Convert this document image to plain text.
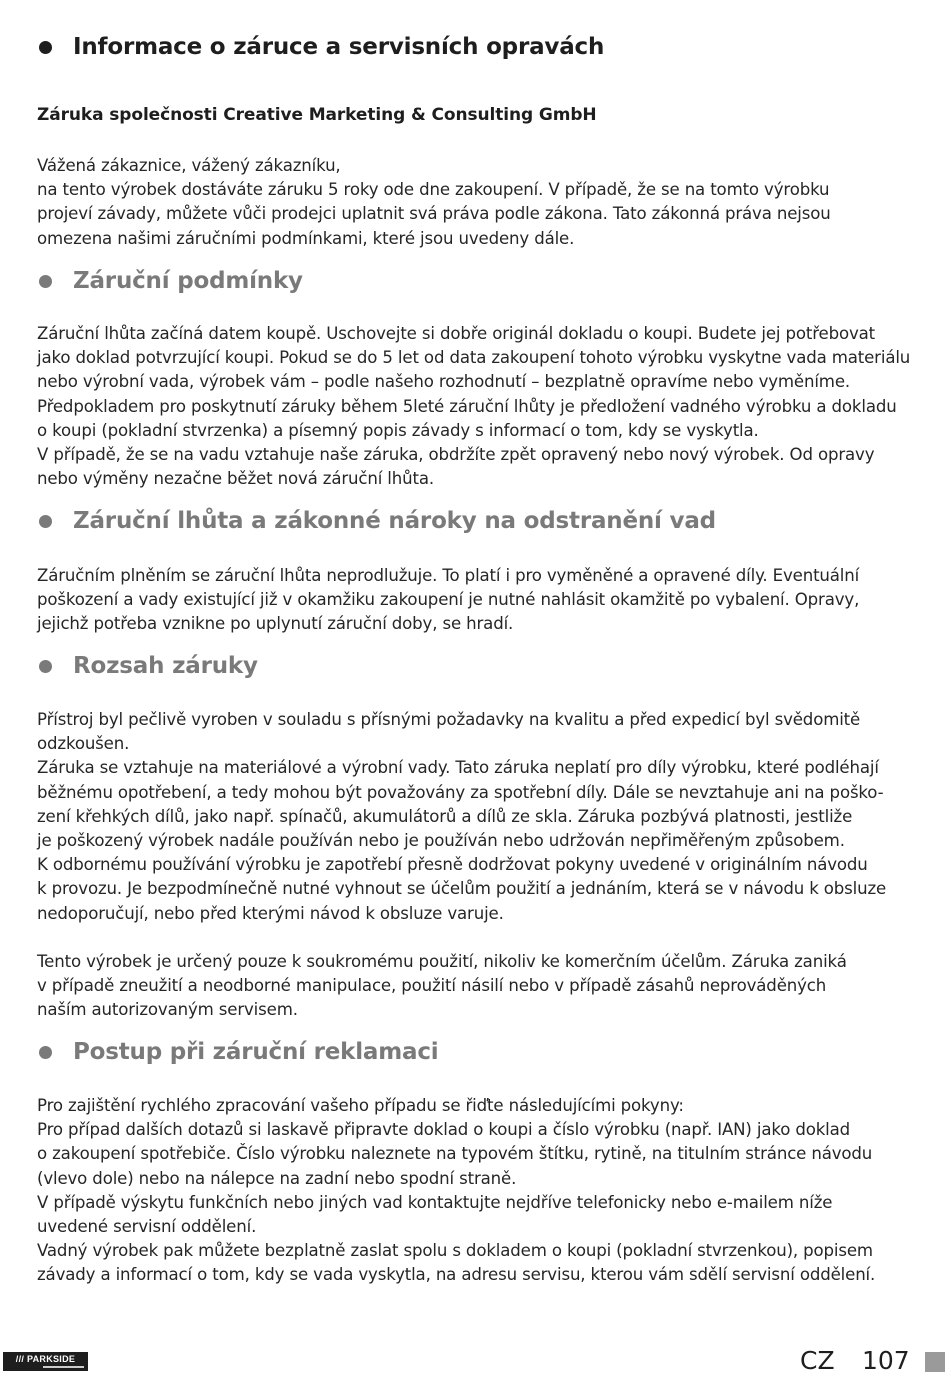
Informace o záruce a servisních opravách
Záruka společnosti Creative Marketing & Consulting GmbH
Vážená zákaznice, vážený zákazníku,
na tento výrobek dostáváte záruku 5 roky ode dne zakoupení. V případě, že se na tomto výrobku
projeví závady, můžete vůči prodejci uplatnit svá práva podle zákona. Tato zákonná práva nejsou
omezena našimi záručními podmínkami, které jsou uvedeny dále.
Záruční podmínky
Záruční lhůta začíná datem koupě. Uschovejte si dobře originál dokladu o koupi. Budete jej potřebovat
jako doklad potvrzující koupi. Pokud se do 5 let od data zakoupení tohoto výrobku vyskytne vada materiálu
nebo výrobní vada, výrobek vám – podle našeho rozhodnutí – bezplatně opravíme nebo vyměníme.
Předpokladem pro poskytnutí záruky během 5leté záruční lhůty je předložení vadného výrobku a dokladu
o koupi (pokladní stvrzenka) a písemný popis závady s informací o tom, kdy se vyskytla.
V případě, že se na vadu vztahuje naše záruka, obdržíte zpět opravený nebo nový výrobek. Od opravy
nebo výměny nezačne běžet nová záruční lhůta.
Záruční lhůta a zákonné nároky na odstranění vad
Záručním plněním se záruční lhůta neprodlužuje. To platí i pro vyměněné a opravené díly. Eventuální
poškození a vady existující již v okamžiku zakoupení je nutné nahlásit okamžitě po vybalení. Opravy,
jejichž potřeba vznikne po uplynutí záruční doby, se hradí.
Rozsah záruky
Přístroj byl pečlivě vyroben v souladu s přísnými požadavky na kvalitu a před expedicí byl svědomitě
odzkoušen.
Záruka se vztahuje na materiálové a výrobní vady. Tato záruka neplatí pro díly výrobku, které podléhají
běžnému opotřebení, a tedy mohou být považovány za spotřební díly. Dále se nevztahuje ani na poško-
zení křehkých dílů, jako např. spínačů, akumulátorů a dílů ze skla. Záruka pozbývá platnosti, jestliže
je poškozený výrobek nadále používán nebo je používán nebo udržován nepřiměřeným způsobem.
K odbornému používání výrobku je zapotřebí přesně dodržovat pokyny uvedené v originálním návodu
k provozu. Je bezpodmínečně nutné vyhnout se účelům použití a jednáním, která se v návodu k obsluze
nedoporučují, nebo před kterými návod k obsluze varuje.
Tento výrobek je určený pouze k soukromému použití, nikoliv ke komerčním účelům. Záruka zaniká
v případě zneužití a neodborné manipulace, použití násilí nebo v případě zásahů neprováděných
naším autorizovaným servisem.
Postup při záruční reklamaci
Pro zajištění rychlého zpracování vašeho případu se řiďte následujícími pokyny:
Pro případ dalších dotazů si laskavě připravte doklad o koupi a číslo výrobku (např. IAN) jako doklad
o zakoupení spotřebiče. Číslo výrobku naleznete na typovém štítku, rytině, na titulním stránce návodu
(vlevo dole) nebo na nálepce na zadní nebo spodní straně.
V případě výskytu funkčních nebo jiných vad kontaktujte nejdříve telefonicky nebo e-mailem níže
uvedené servisní oddělení.
Vadný výrobek pak můžete bezplatně zaslat spolu s dokladem o koupi (pokladní stvrzenkou), popisem
závady a informací o tom, kdy se vada vyskytla, na adresu servisu, kterou vám sdělí servisní oddělení.
/// PARKSIDE	CZ 107
